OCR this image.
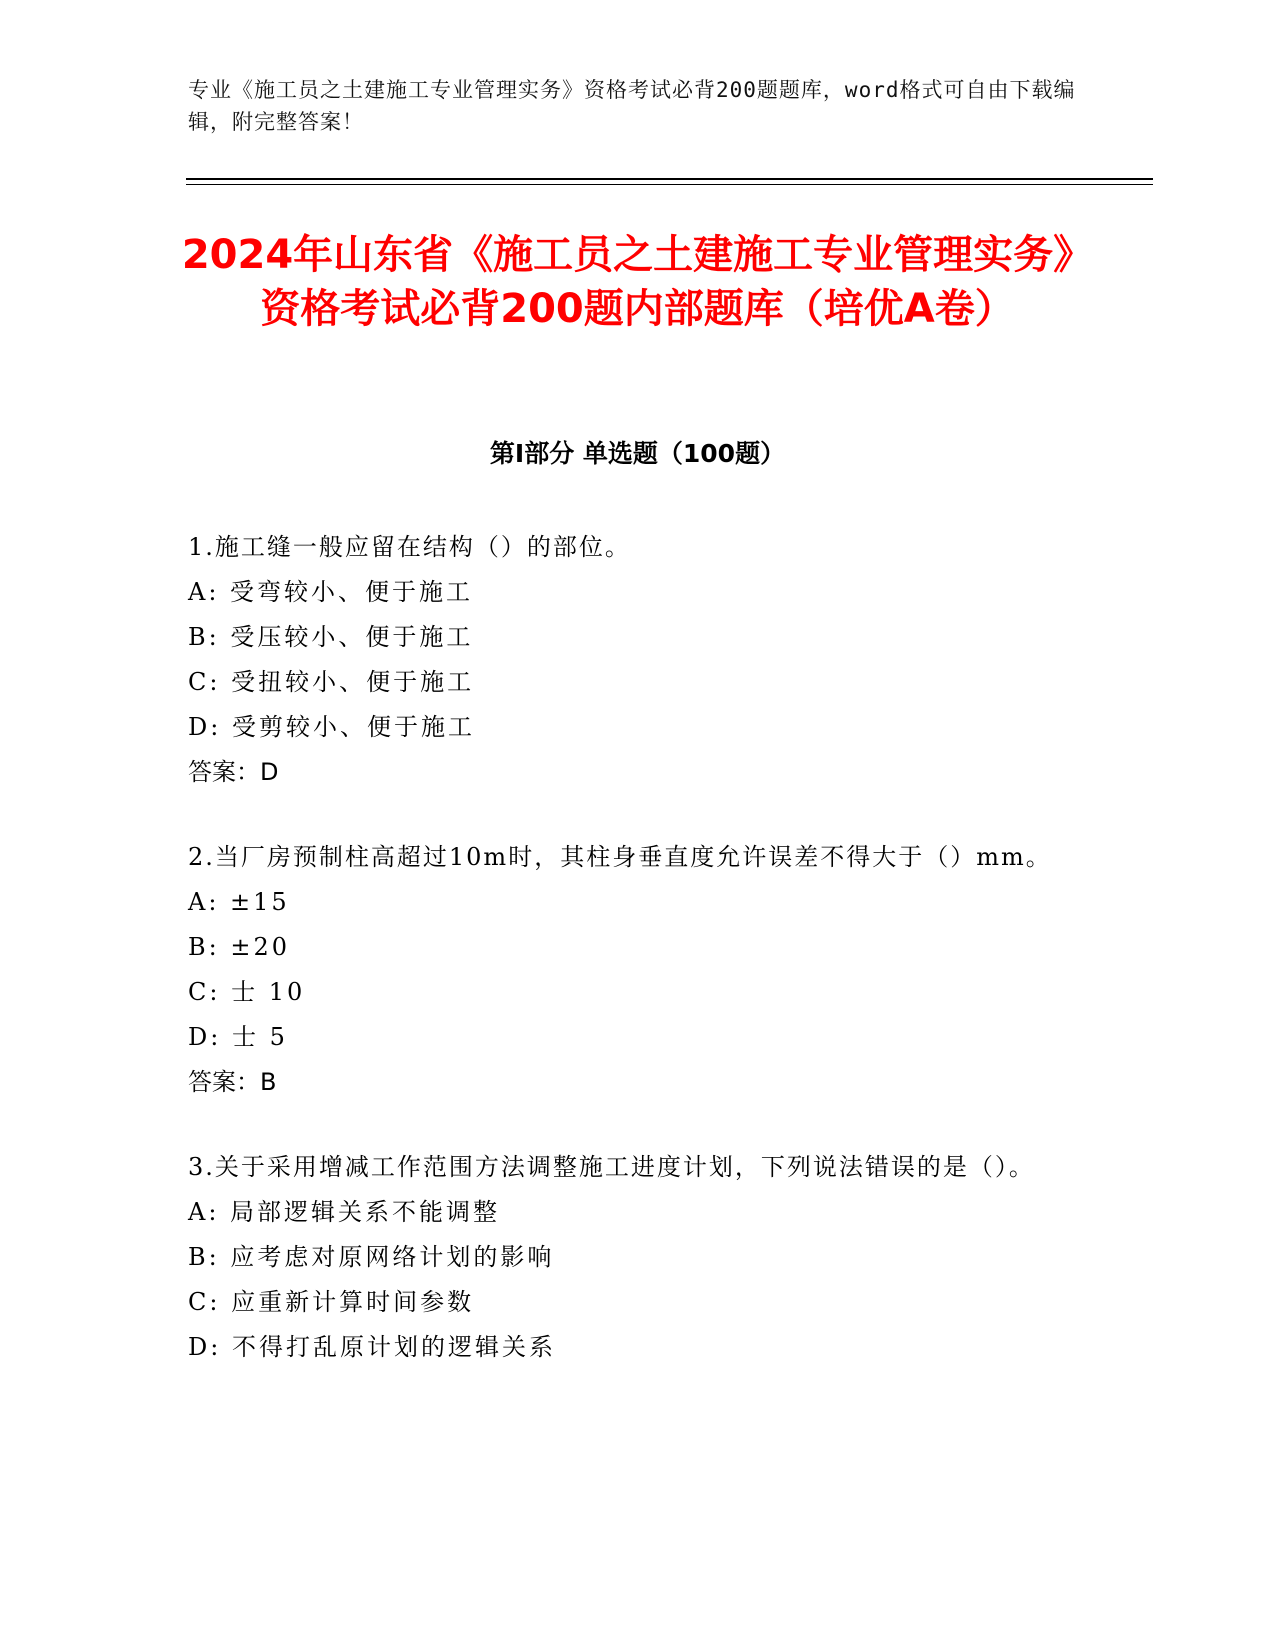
专业《施工员之土建施工专业管理实务》资格考试必背200题题库，word格式可自由下载编辑，附完整答案！
2024年山东省《施工员之土建施工专业管理实务》资格考试必背200题内部题库（培优A卷）
第Ⅰ部分 单选题（100题）
1.施工缝一般应留在结构（）的部位。
A: 受弯较小、便于施工
B: 受压较小、便于施工
C: 受扭较小、便于施工
D: 受剪较小、便于施工
答案：D
2.当厂房预制柱高超过10m时，其柱身垂直度允许误差不得大于（）mm。
A: ±15
B: ±20
C: 士 10
D: 士 5
答案：B
3.关于采用增减工作范围方法调整施工进度计划，下列说法错误的是（）。
A: 局部逻辑关系不能调整
B: 应考虑对原网络计划的影响
C: 应重新计算时间参数
D: 不得打乱原计划的逻辑关系
